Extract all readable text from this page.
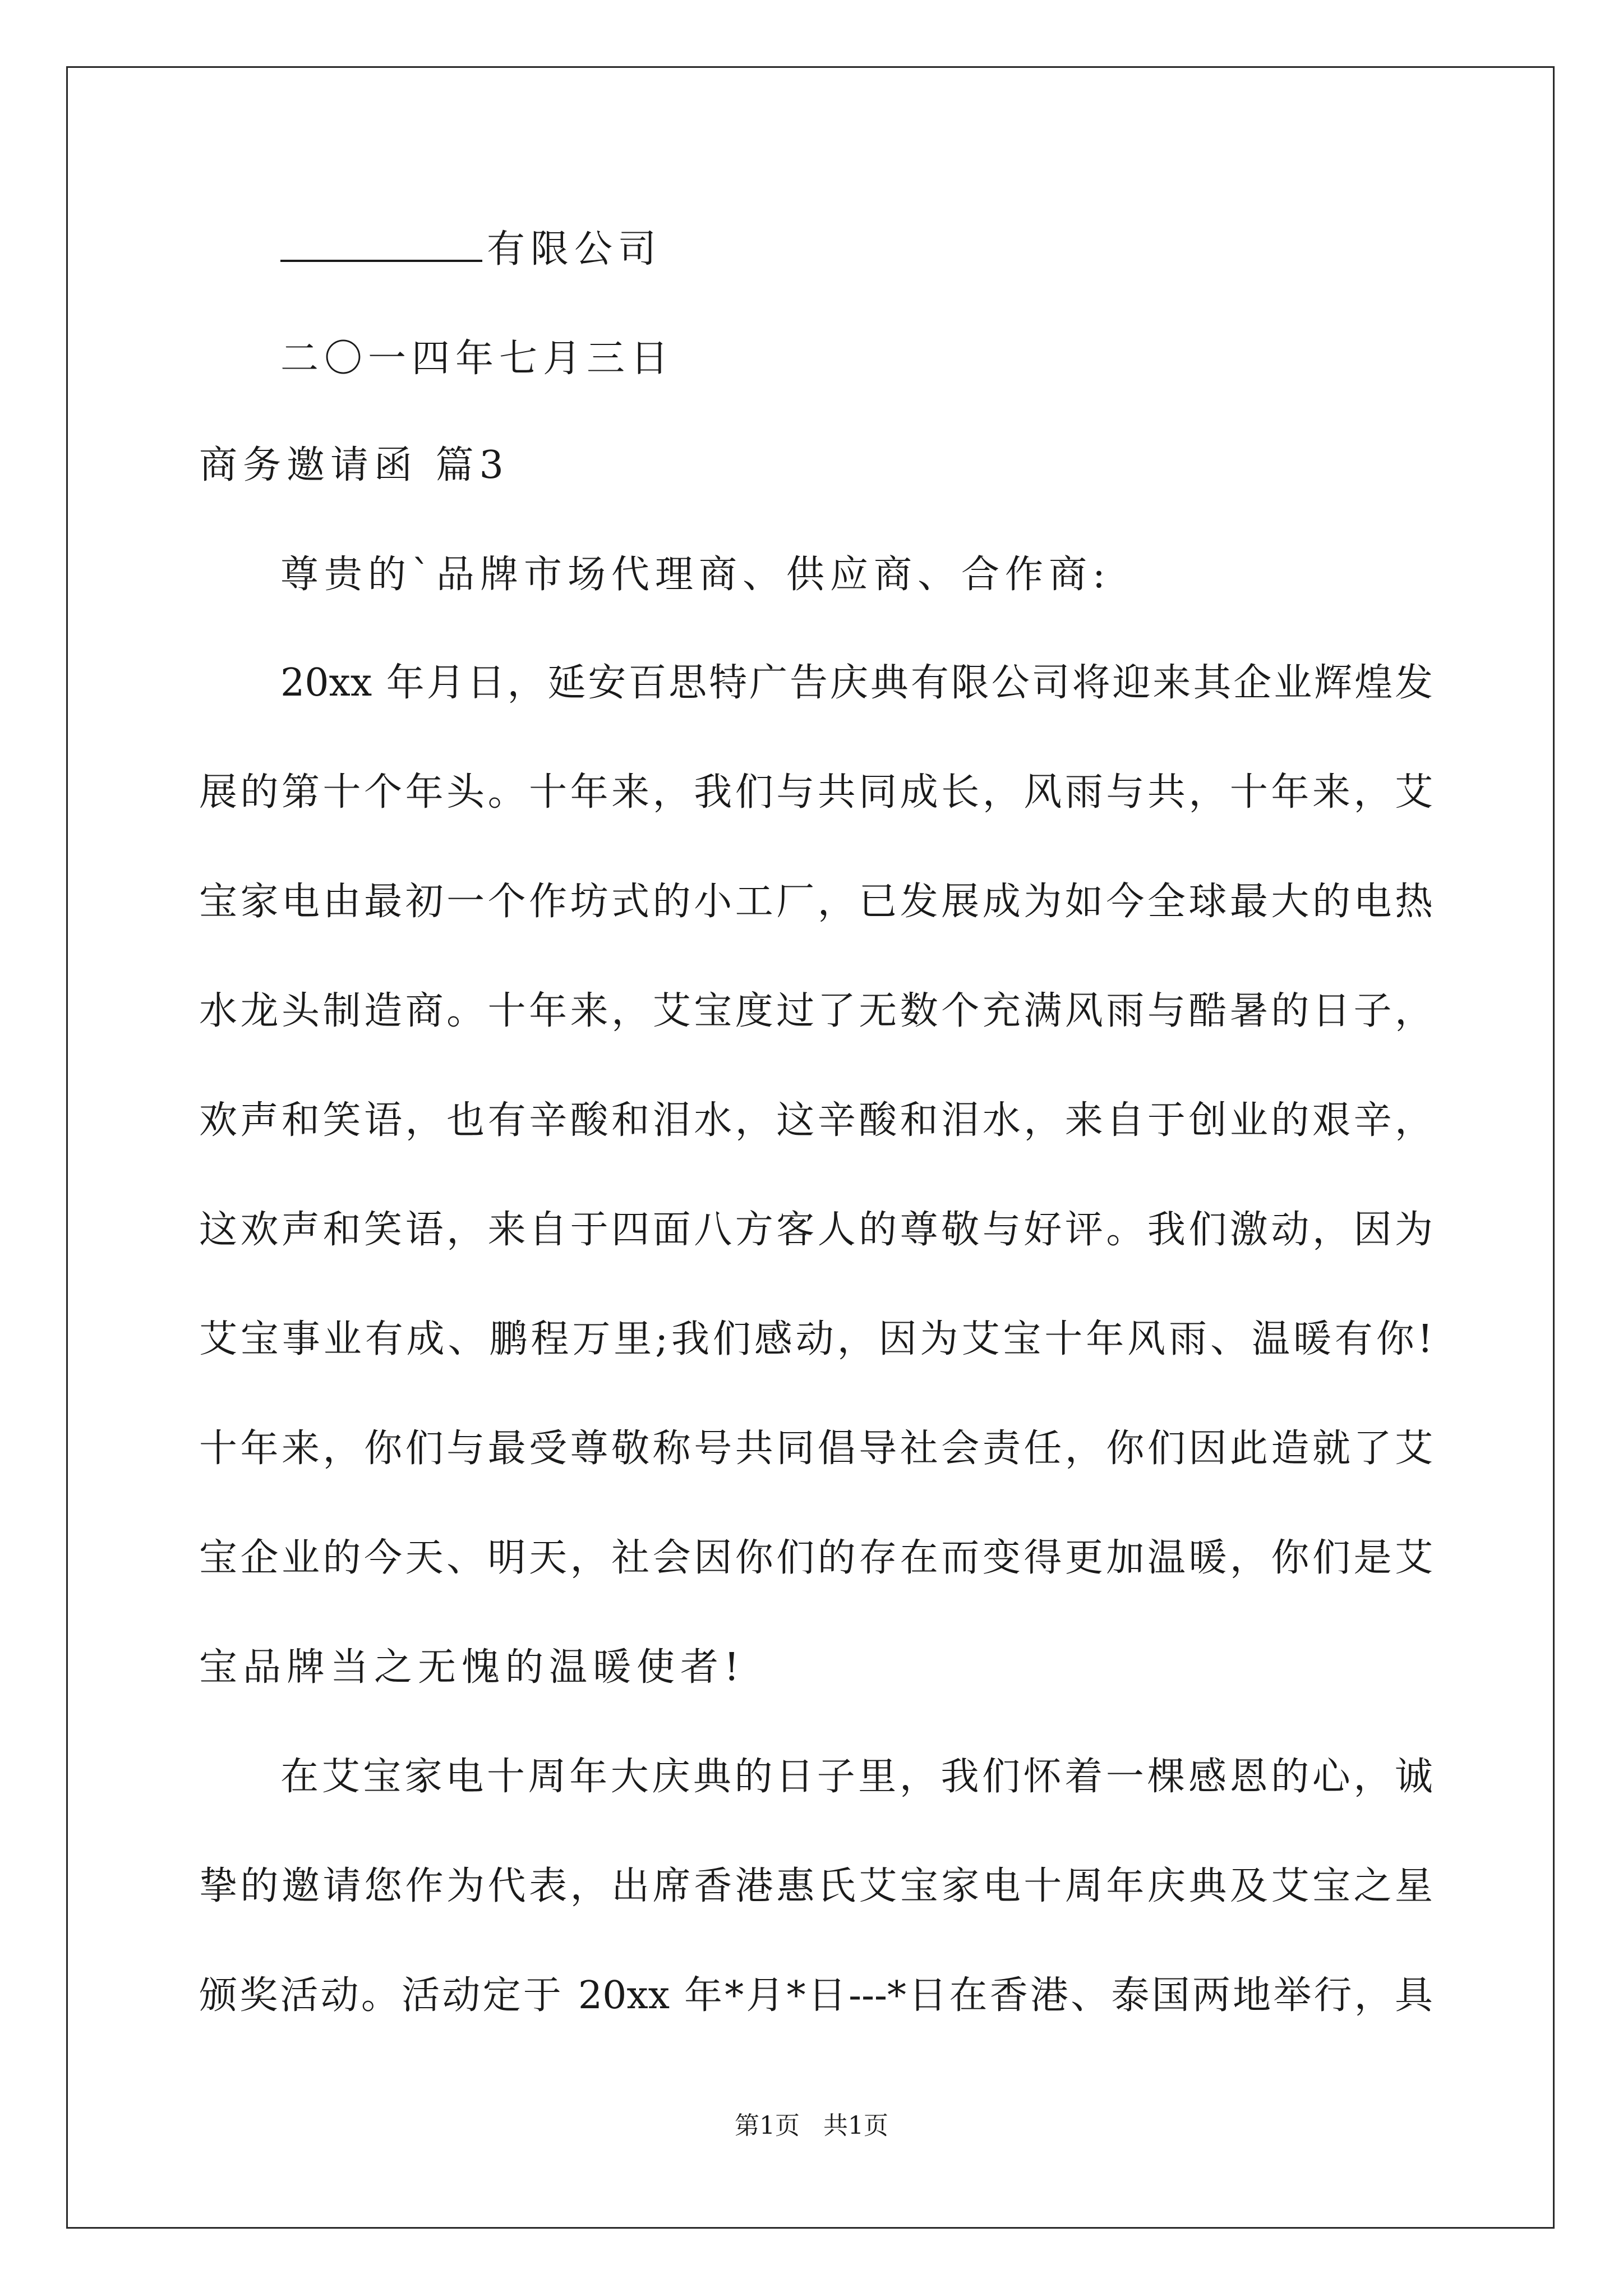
有限公司
二〇一四年七月三日
商务邀请函 篇3
尊贵的`品牌市场代理商、供应商、合作商:
20xx 年月日，延安百思特广告庆典有限公司将迎来其企业辉煌发
展的第十个年头。十年来，我们与共同成长，风雨与共，十年来，艾
宝家电由最初一个作坊式的小工厂，已发展成为如今全球最大的电热
水龙头制造商。十年来，艾宝度过了无数个充满风雨与酷暑的日子，
欢声和笑语，也有辛酸和泪水，这辛酸和泪水，来自于创业的艰辛，
这欢声和笑语，来自于四面八方客人的尊敬与好评。我们激动，因为
艾宝事业有成、鹏程万里;我们感动，因为艾宝十年风雨、温暖有你!
十年来，你们与最受尊敬称号共同倡导社会责任，你们因此造就了艾
宝企业的今天、明天，社会因你们的存在而变得更加温暖，你们是艾
宝品牌当之无愧的温暖使者!
在艾宝家电十周年大庆典的日子里，我们怀着一棵感恩的心，诚
挚的邀请您作为代表，出席香港惠氏艾宝家电十周年庆典及艾宝之星
颁奖活动。活动定于 20xx 年*月*日---*日在香港、泰国两地举行，具
第1页   共1页
